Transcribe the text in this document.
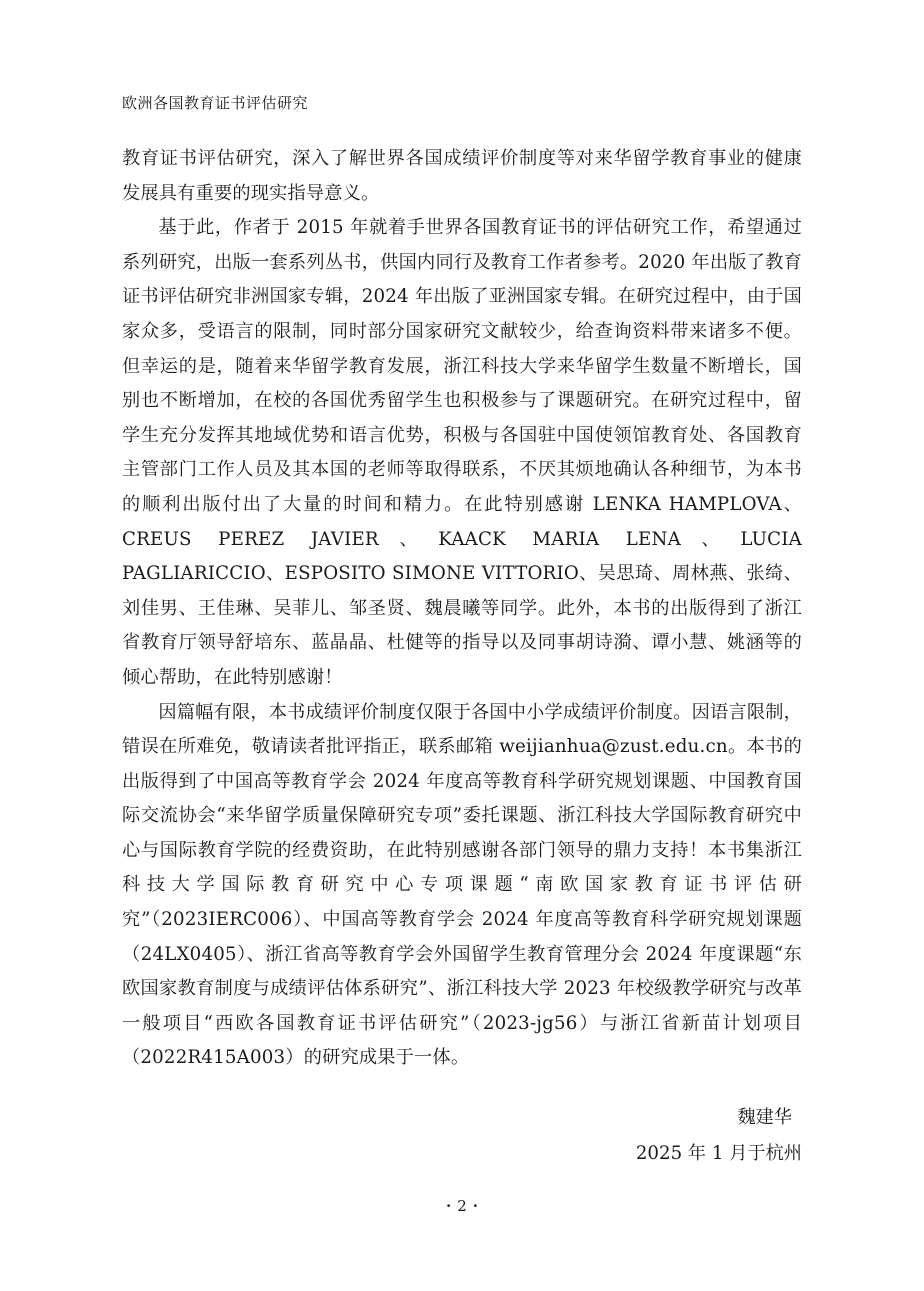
欧洲各国教育证书评估研究

教育证书评估研究，深入了解世界各国成绩评价制度等对来华留学教育事业的健康发展具有重要的现实指导意义。

基于此，作者于 2015 年就着手世界各国教育证书的评估研究工作，希望通过系列研究，出版一套系列丛书，供国内同行及教育工作者参考。2020 年出版了教育证书评估研究非洲国家专辑，2024 年出版了亚洲国家专辑。在研究过程中，由于国家众多，受语言的限制，同时部分国家研究文献较少，给查询资料带来诸多不便。但幸运的是，随着来华留学教育发展，浙江科技大学来华留学生数量不断增长，国别也不断增加，在校的各国优秀留学生也积极参与了课题研究。在研究过程中，留学生充分发挥其地域优势和语言优势，积极与各国驻中国使领馆教育处、各国教育主管部门工作人员及其本国的老师等取得联系，不厌其烦地确认各种细节，为本书的顺利出版付出了大量的时间和精力。在此特别感谢 LENKA HAMPLOVA、CREUS PEREZ JAVIER、KAACK MARIA LENA、LUCIA PAGLIARICCIO、ESPOSITO SIMONE VITTORIO、吴思琦、周林燕、张绮、刘佳男、王佳琳、吴菲儿、邹圣贤、魏晨曦等同学。此外，本书的出版得到了浙江省教育厅领导舒培东、蓝晶晶、杜健等的指导以及同事胡诗漪、谭小慧、姚涵等的倾心帮助，在此特别感谢！

因篇幅有限，本书成绩评价制度仅限于各国中小学成绩评价制度。因语言限制，错误在所难免，敬请读者批评指正，联系邮箱 weijianhua@zust.edu.cn。本书的出版得到了中国高等教育学会 2024 年度高等教育科学研究规划课题、中国教育国际交流协会“来华留学质量保障研究专项”委托课题、浙江科技大学国际教育研究中心与国际教育学院的经费资助，在此特别感谢各部门领导的鼎力支持！本书集浙江科技大学国际教育研究中心专项课题“南欧国家教育证书评估研究”（2023IERC006）、中国高等教育学会 2024 年度高等教育科学研究规划课题（24LX0405）、浙江省高等教育学会外国留学生教育管理分会 2024 年度课题“东欧国家教育制度与成绩评估体系研究”、浙江科技大学 2023 年校级教学研究与改革一般项目“西欧各国教育证书评估研究”（2023-jg56）与浙江省新苗计划项目（2022R415A003）的研究成果于一体。

魏建华
2025 年 1 月于杭州
· 2 ·
